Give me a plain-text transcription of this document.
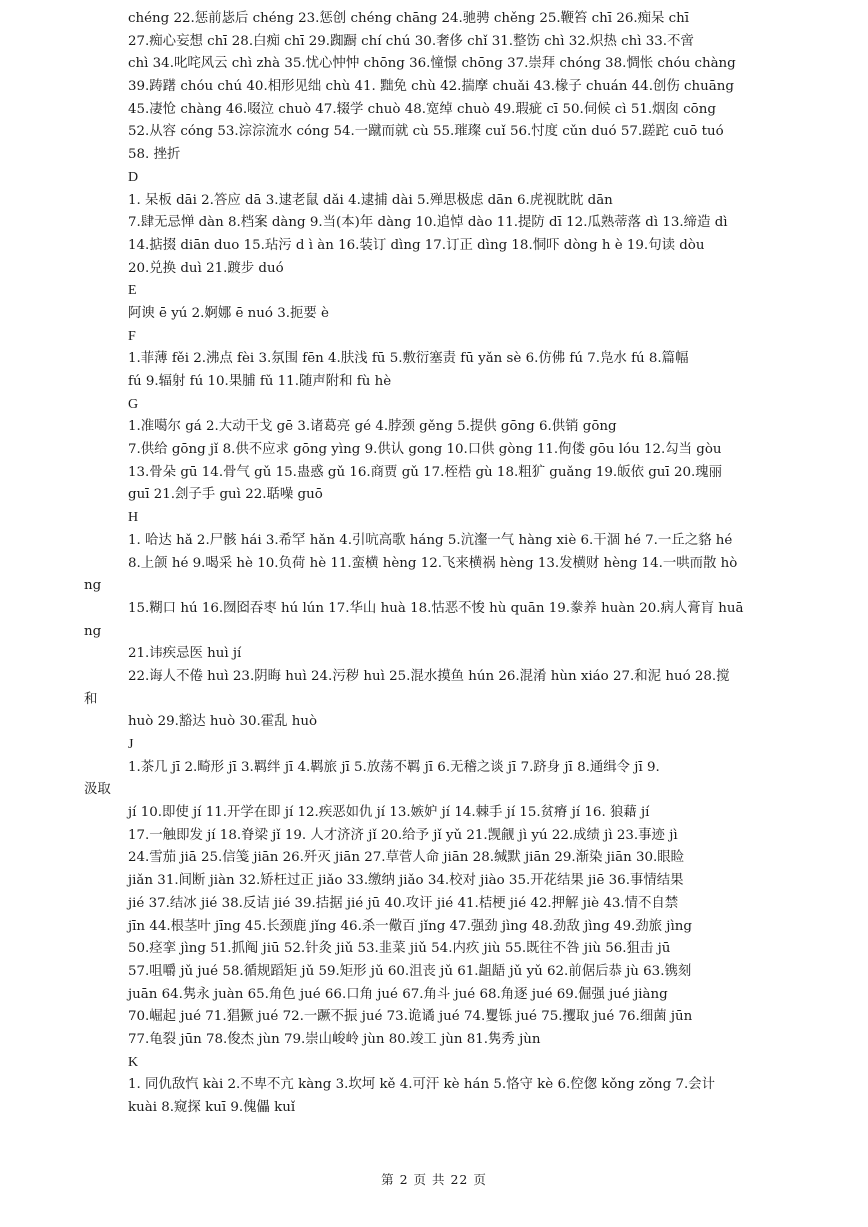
chéng 22.惩前毖后 chéng 23.惩创 chéng chāng 24.驰骋 chěng 25.鞭笞 chī 26.痴呆 chī
27.痴心妄想 chī 28.白痴 chī 29.踟蹰 chí chú 30.奢侈 chǐ 31.整饬 chì 32.炽热 chì 33.不啻
chì 34.叱咤风云 chì zhà 35.忧心忡忡 chōng 36.憧憬 chōng 37.崇拜 chóng 38.惆怅 chóu chàng
39.踌躇 chóu chú 40.相形见绌 chù 41. 黜免 chù 42.揣摩 chuǎi 43.椽子 chuán 44.创伤 chuāng
45.凄怆 chàng 46.啜泣 chuò 47.辍学 chuò 48.宽绰 chuò 49.瑕疵 cī 50.伺候 cì 51.烟囱 cōng
52.从容 cóng 53.淙淙流水 cóng 54.一蹴而就 cù 55.璀璨 cuǐ 56.忖度 cǔn duó 57.蹉跎 cuō tuó
58. 挫折
D
1. 呆板 dāi 2.答应 dā 3.逮老鼠 dǎi 4.逮捕 dài 5.殚思极虑 dān 6.虎视眈眈 dān
7.肆无忌惮 dàn 8.档案 dàng 9.当(本)年 dàng 10.追悼 dào 11.提防 dī 12.瓜熟蒂落 dì 13.缔造 dì
14.掂掇 diān duo 15.玷污 d ì àn 16.装订 dìng 17.订正 dìng 18.恫吓 dòng h è 19.句读 dòu
20.兑换 duì 21.踱步 duó
E
阿谀 ē yú 2.婀娜 ē nuó 3.扼要 è
F
1.菲薄 fěi 2.沸点 fèi 3.氛围 fēn 4.肤浅 fū 5.敷衍塞责 fū yǎn sè 6.仿佛 fú 7.凫水 fú 8.篇幅
fú 9.辐射 fú 10.果脯 fǔ 11.随声附和 fù hè
G
1.准噶尔 gá 2.大动干戈 gē 3.诸葛亮 gé 4.脖颈 gěng 5.提供 gōng 6.供销 gōng
7.供给 gōng jǐ 8.供不应求 gōng yìng 9.供认 gong 10.口供 gòng 11.佝偻 gōu lóu 12.勾当 gòu
13.骨朵 gū 14.骨气 gǔ 15.蛊惑 gǔ 16.商贾 gǔ 17.桎梏 gù 18.粗犷 guǎng 19.皈依 guī 20.瑰丽
guī 21.刽子手 guì 22.聒噪 guō
H
1. 哈达 hǎ 2.尸骸 hái 3.希罕 hǎn 4.引吭高歌 háng 5.沆瀣一气 hàng xiè 6.干涸 hé 7.一丘之貉 hé
8.上颌 hé 9.喝采 hè 10.负荷 hè 11.蛮横 hèng 12.飞来横祸 hèng 13.发横财 hèng 14.一哄而散 hò
ng
15.糊口 hú 16.囫囵吞枣 hú lún 17.华山 huà 18.怙恶不悛 hù quān 19.豢养 huàn 20.病人膏肓 huā
ng
21.讳疾忌医 huì jí
22.诲人不倦 huì 23.阴晦 huì 24.污秽 huì 25.混水摸鱼 hún 26.混淆 hùn xiáo 27.和泥 huó 28.搅
和
huò 29.豁达 huò 30.霍乱 huò
J
1.茶几 jī 2.畸形 jī 3.羁绊 jī 4.羁旅 jī 5.放荡不羁 jī 6.无稽之谈 jī 7.跻身 jī 8.通缉令 jī 9.
汲取
jí 10.即使 jí 11.开学在即 jí 12.疾恶如仇 jí 13.嫉妒 jí 14.棘手 jí 15.贫瘠 jí 16. 狼藉 jí
17.一触即发 jí 18.脊梁 jǐ 19. 人才济济 jǐ 20.给予 jǐ yǔ 21.觊觎 jì yú 22.成绩 jì 23.事迹 jì
24.雪茄 jiā 25.信笺 jiān 26.歼灭 jiān 27.草菅人命 jiān 28.缄默 jiān 29.渐染 jiān 30.眼睑
jiǎn 31.间断 jiàn 32.矫枉过正 jiǎo 33.缴纳 jiǎo 34.校对 jiào 35.开花结果 jiē 36.事情结果
jié 37.结冰 jié 38.反诘 jié 39.拮据 jié jū 40.攻讦 jié 41.桔梗 jié 42.押解 jiè 43.情不自禁
jīn 44.根茎叶 jīng 45.长颈鹿 jǐng 46.杀一儆百 jǐng 47.强劲 jìng 48.劲敌 jìng 49.劲旅 jìng
50.痉挛 jìng 51.抓阄 jiū 52.针灸 jiǔ 53.韭菜 jiǔ 54.内疚 jiù 55.既往不咎 jiù 56.狙击 jū
57.咀嚼 jǔ jué 58.循规蹈矩 jǔ 59.矩形 jǔ 60.沮丧 jǔ 61.龃龉 jǔ yǔ 62.前倨后恭 jù 63.镌刻
juān 64.隽永 juàn 65.角色 jué 66.口角 jué 67.角斗 jué 68.角逐 jué 69.倔强 jué jiàng
70.崛起 jué 71.猖獗 jué 72.一蹶不振 jué 73.诡谲 jué 74.矍铄 jué 75.攫取 jué 76.细菌 jūn
77.龟裂 jūn 78.俊杰 jùn 79.崇山峻岭 jùn 80.竣工 jùn 81.隽秀 jùn
K
1. 同仇敌忾 kài 2.不卑不亢 kàng 3.坎坷 kě 4.可汗 kè hán 5.恪守 kè 6.倥偬 kǒng zǒng 7.会计
kuài 8.窥探 kuī 9.傀儡 kuǐ
第 2 页 共 22 页
